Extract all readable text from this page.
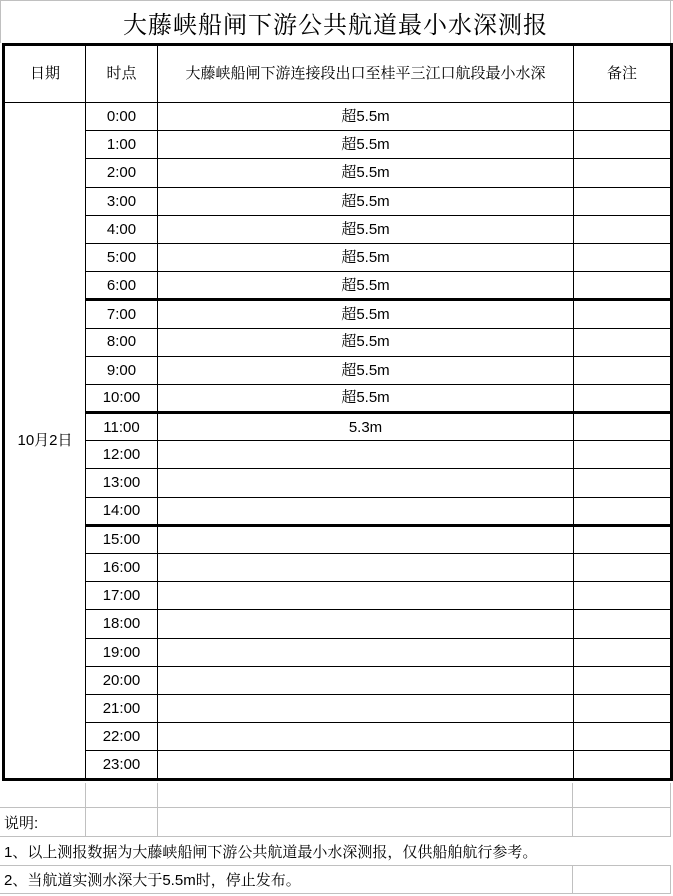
大藤峡船闸下游公共航道最小水深测报
日期	时点	大藤峡船闸下游连接段出口至桂平三江口航段最小水深	备注
10月2日	0:00	超5.5m	
	1:00	超5.5m	
	2:00	超5.5m	
	3:00	超5.5m	
	4:00	超5.5m	
	5:00	超5.5m	
	6:00	超5.5m	
	7:00	超5.5m	
	8:00	超5.5m	
	9:00	超5.5m	
	10:00	超5.5m	
	11:00	5.3m	
	12:00		
	13:00		
	14:00		
	15:00		
	16:00		
	17:00		
	18:00		
	19:00		
	20:00		
	21:00		
	22:00		
	23:00		
说明:
1、以上测报数据为大藤峡船闸下游公共航道最小水深测报，仅供船舶航行参考。
2、当航道实测水深大于5.5m时，停止发布。
